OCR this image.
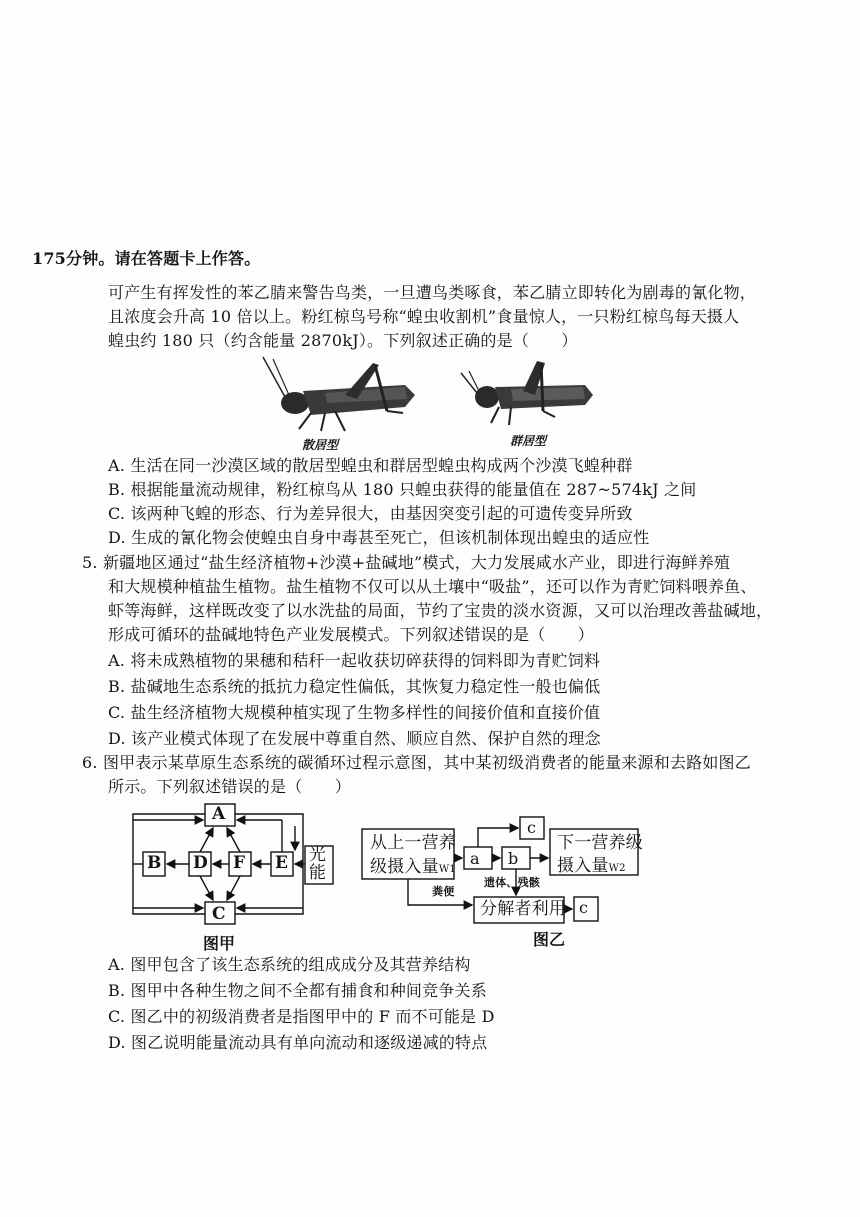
175分钟。请在答题卡上作答。
可产生有挥发性的苯乙腈来警告鸟类，一旦遭鸟类啄食，苯乙腈立即转化为剧毒的氰化物，
且浓度会升高 10 倍以上。粉红椋鸟号称“蝗虫收割机”食量惊人，一只粉红椋鸟每天摄人
蝗虫约 180 只（约含能量 2870kJ）。下列叙述正确的是（　　）
散居型	群居型
A. 生活在同一沙漠区域的散居型蝗虫和群居型蝗虫构成两个沙漠飞蝗种群
B. 根据能量流动规律，粉红椋鸟从 180 只蝗虫获得的能量值在 287~574kJ 之间
C. 该两种飞蝗的形态、行为差异很大，由基因突变引起的可遗传变异所致
D. 生成的氰化物会使蝗虫自身中毒甚至死亡，但该机制体现出蝗虫的适应性
5. 新疆地区通过“盐生经济植物+沙漠+盐碱地”模式，大力发展咸水产业，即进行海鲜养殖
和大规模种植盐生植物。盐生植物不仅可以从土壤中“吸盐”，还可以作为青贮饲料喂养鱼、
虾等海鲜，这样既改变了以水洗盐的局面，节约了宝贵的淡水资源，又可以治理改善盐碱地，
形成可循环的盐碱地特色产业发展模式。下列叙述错误的是（　　）
A. 将未成熟植物的果穗和秸秆一起收获切碎获得的饲料即为青贮饲料
B. 盐碱地生态系统的抵抗力稳定性偏低，其恢复力稳定性一般也偏低
C. 盐生经济植物大规模种植实现了生物多样性的间接价值和直接价值
D. 该产业模式体现了在发展中尊重自然、顺应自然、保护自然的理念
6. 图甲表示某草原生态系统的碳循环过程示意图，其中某初级消费者的能量来源和去路如图乙
所示。下列叙述错误的是（　　）
A
B D F E
C
光能
图甲
从上一营养
级摄入量W1
a b
c
下一营养级
摄入量W2
粪便
遗体、残骸
分解者利用 c
图乙
A. 图甲包含了该生态系统的组成成分及其营养结构
B. 图甲中各种生物之间不全都有捕食和种间竞争关系
C. 图乙中的初级消费者是指图甲中的 F 而不可能是 D
D. 图乙说明能量流动具有单向流动和逐级递减的特点
